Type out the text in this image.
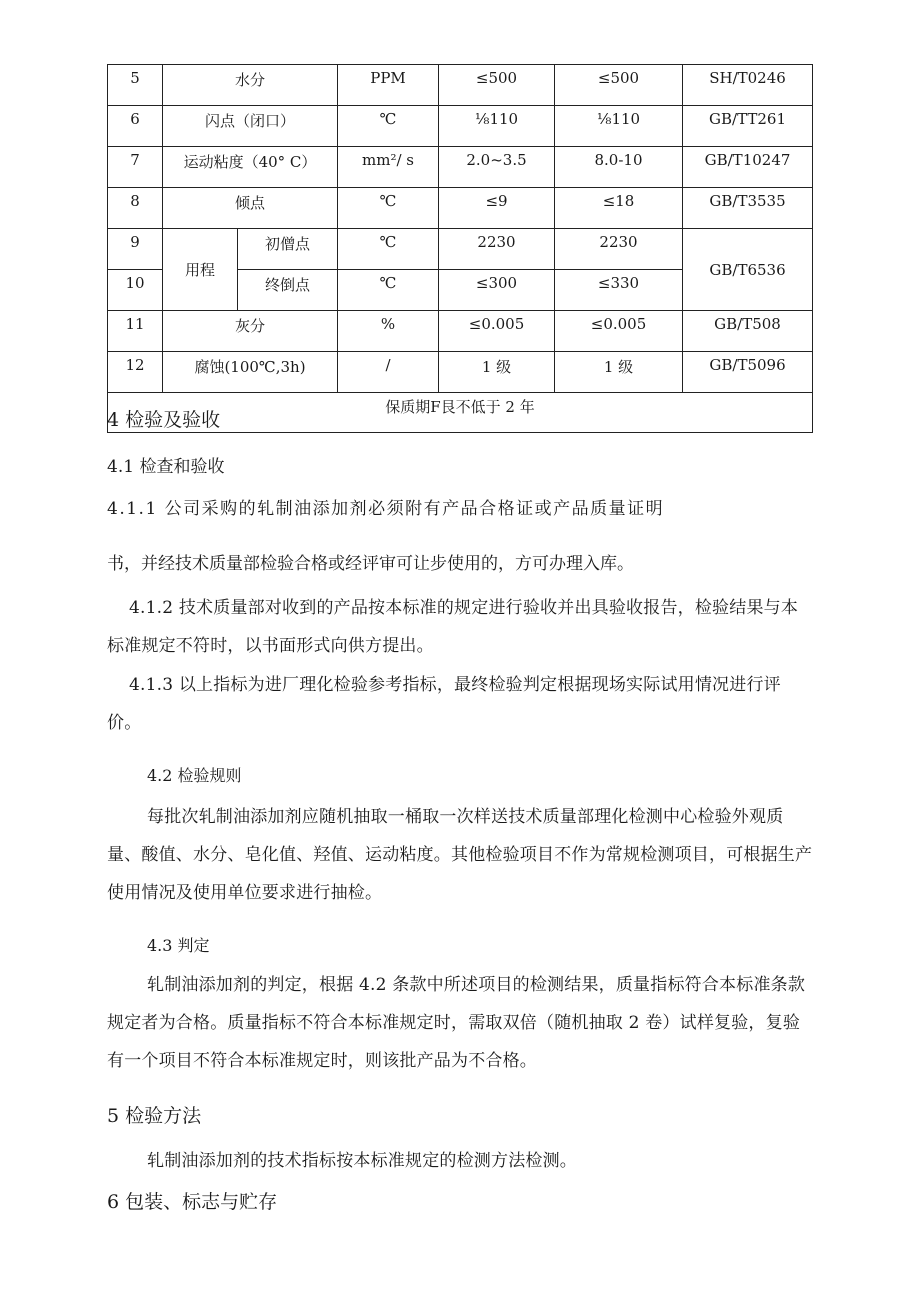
5	水分		PPM	≤500	≤500	SH/T0246
6	闪点（闭口）		℃	⅛110	⅛110	GB/TT261
7	运动粘度（40° C）		mm²/ s	2.0~3.5	8.0-10	GB/T10247
8	倾点		℃	≤9	≤18	GB/T3535
9	用程	初僧点	℃	2230	2230	GB/T6536
10		终倒点	℃	≤300	≤330	
11	灰分		%	≤0.005	≤0.005	GB/T508
12	腐蚀(100℃,3h)		/	1 级	1 级	GB/T5096
保质期F艮不低于 2 年						
4 检验及验收
4.1 检查和验收
4.1.1 公司采购的轧制油添加剂必须附有产品合格证或产品质量证明
书，并经技术质量部检验合格或经评审可让步使用的，方可办理入库。
4.1.2 技术质量部对收到的产品按本标准的规定进行验收并出具验收报告，检验结果与本标准规定不符时，以书面形式向供方提出。
4.1.3 以上指标为进厂理化检验参考指标，最终检验判定根据现场实际试用情况进行评价。
4.2 检验规则
每批次轧制油添加剂应随机抽取一桶取一次样送技术质量部理化检测中心检验外观质量、酸值、水分、皂化值、羟值、运动粘度。其他检验项目不作为常规检测项目，可根据生产使用情况及使用单位要求进行抽检。
4.3 判定
轧制油添加剂的判定，根据 4.2 条款中所述项目的检测结果，质量指标符合本标准条款规定者为合格。质量指标不符合本标准规定时，需取双倍（随机抽取 2 卷）试样复验，复验有一个项目不符合本标准规定时，则该批产品为不合格。
5 检验方法
轧制油添加剂的技术指标按本标准规定的检测方法检测。
6 包装、标志与贮存
